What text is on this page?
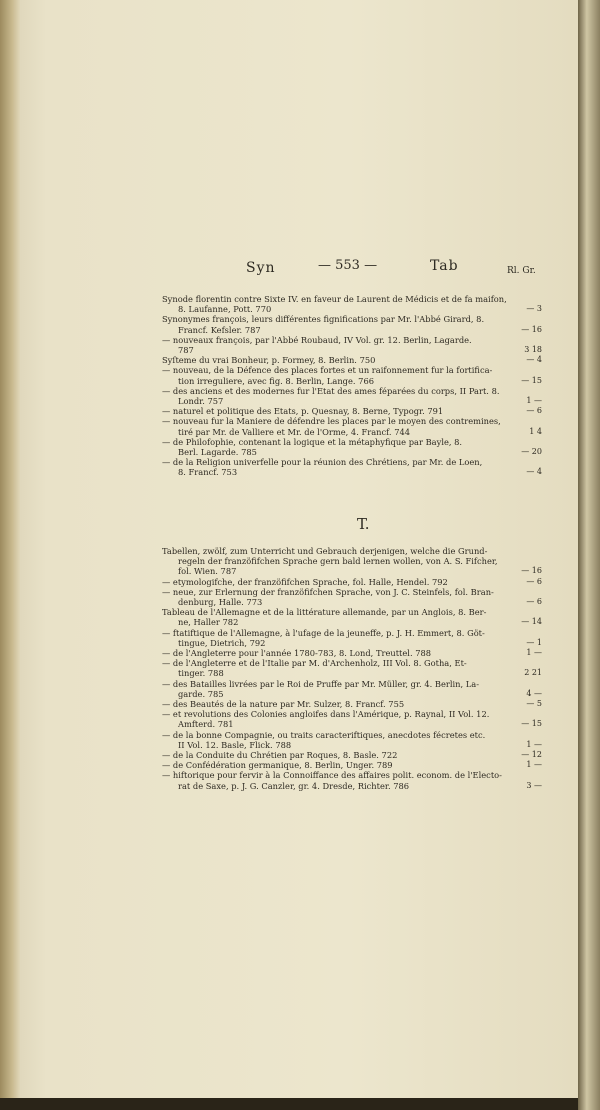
Syn	— 553 —	Tab	Rl. Gr.
Synode florentin contre Sixte IV. en faveur de Laurent de Médicis et de fa maifon,
8. Laufanne, Pott. 770	— 3
Synonymes françois, leurs différentes fignifications par Mr. l'Abbé Girard, 8.
Francf. Kefsler. 787	— 16
— nouveaux françois, par l'Abbé Roubaud, IV Vol. gr. 12. Berlin, Lagarde.
787	3 18
Syſteme du vrai Bonheur, p. Formey, 8. Berlin. 750	— 4
— nouveau, de la Défence des places fortes et un raifonnement fur la fortifica-
tion irreguliere, avec fig. 8. Berlin, Lange. 766	— 15
— des anciens et des modernes fur l'Etat des ames féparées du corps, II Part. 8.
Londr. 757	1 —
— naturel et politique des Etats, p. Quesnay, 8. Berne, Typogr. 791	— 6
— nouveau fur la Maniere de défendre les places par le moyen des contremines,
tiré par Mr. de Valliere et Mr. de l'Orme, 4. Francf. 744	1 4
— de Philofophie, contenant la logique et la métaphyfique par Bayle, 8.
Berl. Lagarde. 785	— 20
— de la Religion univerfelle pour la réunion des Chrétiens, par Mr. de Loen,
8. Francf. 753	— 4
T.
Tabellen, zwölf, zum Unterricht und Gebrauch derjenigen, welche die Grund-
regeln der franzöfifchen Sprache gern bald lernen wollen, von A. S. Fifcher,
fol. Wien. 787	— 16
— etymologifche, der franzöfifchen Sprache, fol. Halle, Hendel. 792	— 6
— neue, zur Erlernung der franzöfifchen Sprache, von J. C. Steinfels, fol. Bran-
denburg, Halle. 773	— 6
Tableau de l'Allemagne et de la littérature allemande, par un Anglois, 8. Ber-
ne, Haller 782	— 14
— ftatiftique de l'Allemagne, à l'ufage de la jeuneffe, p. J. H. Emmert, 8. Göt-
tingue, Dietrich, 792	— 1
— de l'Angleterre pour l'année 1780-783, 8. Lond, Treuttel. 788	1 —
— de l'Angleterre et de l'Italie par M. d'Archenholz, III Vol. 8. Gotha, Et-
tinger. 788	2 21
— des Batailles livrées par le Roi de Pruffe par Mr. Müller, gr. 4. Berlin, La-
garde. 785	4 —
— des Beautés de la nature par Mr. Sulzer, 8. Francf. 755	— 5
— et revolutions des Colonies angloifes dans l'Amérique, p. Raynal, II Vol. 12.
Amfterd. 781	— 15
— de la bonne Compagnie, ou traits caracteriftiques, anecdotes fécretes etc.
II Vol. 12. Basle, Flick. 788	1 —
— de la Conduite du Chrétien par Roques, 8. Basle. 722	— 12
— de Confédération germanique, 8. Berlin, Unger. 789	1 —
— hiftorique pour fervir à la Connoiffance des affaires polit. econom. de l'Electo-
rat de Saxe, p. J. G. Canzler, gr. 4. Dresde, Richter. 786	3 —
